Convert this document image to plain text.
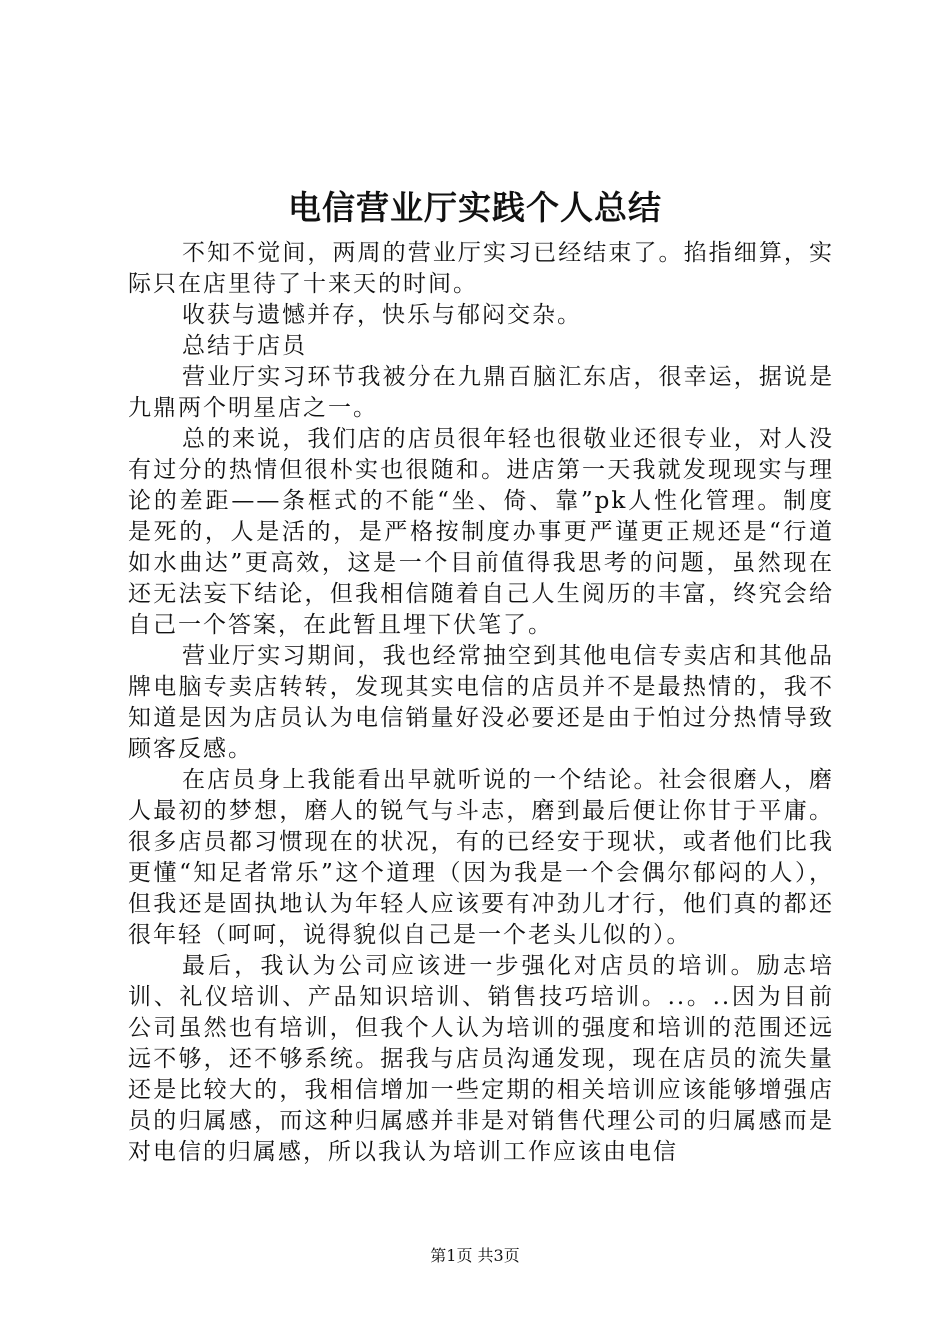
电信营业厅实践个人总结

不知不觉间，两周的营业厅实习已经结束了。掐指细算，实际只在店里待了十来天的时间。

收获与遗憾并存，快乐与郁闷交杂。

总结于店员

营业厅实习环节我被分在九鼎百脑汇东店，很幸运，据说是九鼎两个明星店之一。

总的来说，我们店的店员很年轻也很敬业还很专业，对人没有过分的热情但很朴实也很随和。进店第一天我就发现现实与理论的差距——条框式的不能“坐、倚、靠”pk人性化管理。制度是死的，人是活的，是严格按制度办事更严谨更正规还是“行道如水曲达”更高效，这是一个目前值得我思考的问题，虽然现在还无法妄下结论，但我相信随着自己人生阅历的丰富，终究会给自己一个答案，在此暂且埋下伏笔了。

营业厅实习期间，我也经常抽空到其他电信专卖店和其他品牌电脑专卖店转转，发现其实电信的店员并不是最热情的，我不知道是因为店员认为电信销量好没必要还是由于怕过分热情导致顾客反感。

在店员身上我能看出早就听说的一个结论。社会很磨人，磨人最初的梦想，磨人的锐气与斗志，磨到最后便让你甘于平庸。很多店员都习惯现在的状况，有的已经安于现状，或者他们比我更懂“知足者常乐”这个道理（因为我是一个会偶尔郁闷的人），但我还是固执地认为年轻人应该要有冲劲儿才行，他们真的都还很年轻（呵呵，说得貌似自己是一个老头儿似的）。

最后，我认为公司应该进一步强化对店员的培训。励志培训、礼仪培训、产品知识培训、销售技巧培训。..。..因为目前公司虽然也有培训，但我个人认为培训的强度和培训的范围还远远不够，还不够系统。据我与店员沟通发现，现在店员的流失量还是比较大的，我相信增加一些定期的相关培训应该能够增强店员的归属感，而这种归属感并非是对销售代理公司的归属感而是对电信的归属感，所以我认为培训工作应该由电信

第1页 共3页
